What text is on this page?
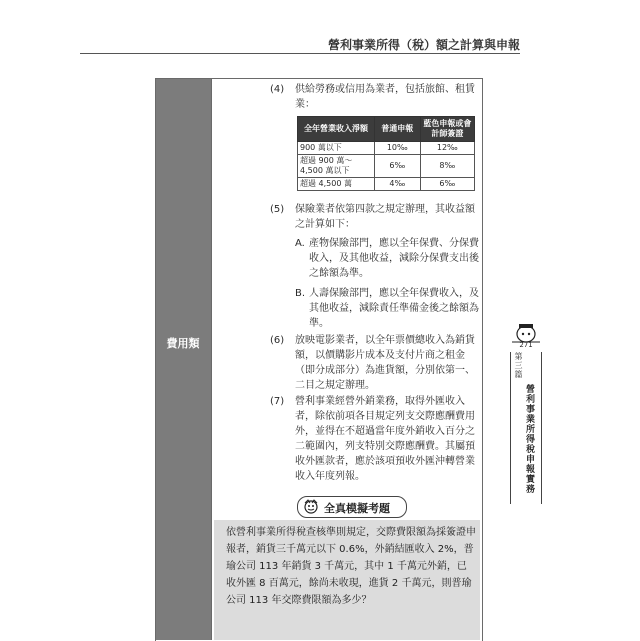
營利事業所得（稅）額之計算與申報
費用類
(4)	供給勞務或信用為業者，包括旅館、租賃業：
全年營業收入淨額	普通申報	藍色申報或會計師簽證
900 萬以下	10‰	12‰
超過 900 萬～4,500 萬以下	6‰	8‰
超過 4,500 萬	4‰	6‰
(5)	保險業者依第四款之規定辦理，其收益額之計算如下：
A. 產物保險部門，應以全年保費、分保費收入，及其他收益，減除分保費支出後之餘額為準。
B. 人壽保險部門，應以全年保費收入，及其他收益，減除責任準備金後之餘額為準。
(6)	放映電影業者，以全年票價總收入為銷貨額，以價購影片成本及支付片商之租金（即分成部分）為進貨額，分別依第一、二目之規定辦理。
(7)	營利事業經營外銷業務，取得外匯收入者，除依前項各目規定列支交際應酬費用外，並得在不超過當年度外銷收入百分之二範圍內，列支特別交際應酬費。其屬預收外匯款者，應於該項預收外匯沖轉營業收入年度列報。
全真模擬考題
依營利事業所得稅查核準則規定，交際費限額為採簽證申報者，銷貨三千萬元以下 0.6%，外銷結匯收入 2%，普瑜公司 113 年銷貨 3 千萬元，其中 1 千萬元外銷，已收外匯 8 百萬元，餘尚未收現，進貨 2 千萬元，則普瑜公司 113 年交際費限額為多少？
271
第三篇
營利事業所得稅申報實務
